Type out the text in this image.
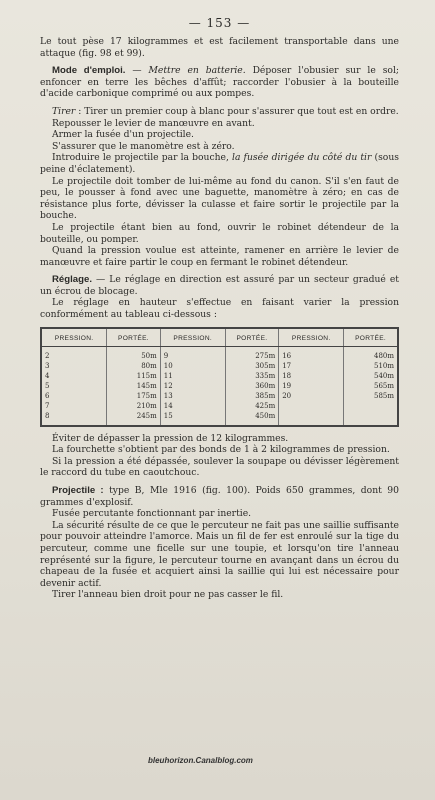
— 153 —

Le tout pèse 17 kilogrammes et est facilement transportable dans une attaque (fig. 98 et 99).

Mode d'emploi. — Mettre en batterie. Déposer l'obusier sur le sol; enfoncer en terre les bêches d'affût; raccorder l'obusier à la bouteille d'acide carbonique comprimé ou aux pompes.

Tirer : Tirer un premier coup à blanc pour s'assurer que tout est en ordre.

Repousser le levier de manœuvre en avant.

Armer la fusée d'un projectile.

S'assurer que le manomètre est à zéro.

Introduire le projectile par la bouche, la fusée dirigée du côté du tir (sous peine d'éclatement).

Le projectile doit tomber de lui-même au fond du canon. S'il s'en faut de peu, le pousser à fond avec une baguette, manomètre à zéro; en cas de résistance plus forte, dévisser la culasse et faire sortir le projectile par la bouche.

Le projectile étant bien au fond, ouvrir le robinet détendeur de la bouteille, ou pomper.

Quand la pression voulue est atteinte, ramener en arrière le levier de manœuvre et faire partir le coup en fermant le robinet détendeur.

Réglage. — Le réglage en direction est assuré par un secteur gradué et un écrou de blocage.

Le réglage en hauteur s'effectue en faisant varier la pression conformément au tableau ci-dessous :

PRESSION.	PORTÉE.	PRESSION.	PORTÉE.	PRESSION.	PORTÉE.
2	50m	9	275m	16	480m
3	80m	10	305m	17	510m
4	115m	11	335m	18	540m
5	145m	12	360m	19	565m
6	175m	13	385m	20	585m
7	210m	14	425m		
8	245m	15	450m		

Éviter de dépasser la pression de 12 kilogrammes.

La fourchette s'obtient par des bonds de 1 à 2 kilogrammes de pression.

Si la pression a été dépassée, soulever la soupape ou dévisser légèrement le raccord du tube en caoutchouc.

Projectile : type B, Mle 1916 (fig. 100). Poids 650 grammes, dont 90 grammes d'explosif.

Fusée percutante fonctionnant par inertie.

La sécurité résulte de ce que le percuteur ne fait pas une saillie suffisante pour pouvoir atteindre l'amorce. Mais un fil de fer est enroulé sur la tige du percuteur, comme une ficelle sur une toupie, et lorsqu'on tire l'anneau représenté sur la figure, le percuteur tourne en avançant dans un écrou du chapeau de la fusée et acquiert ainsi la saillie qui lui est nécessaire pour devenir actif.

Tirer l'anneau bien droit pour ne pas casser le fil.

bleuhorizon.Canalblog.com
